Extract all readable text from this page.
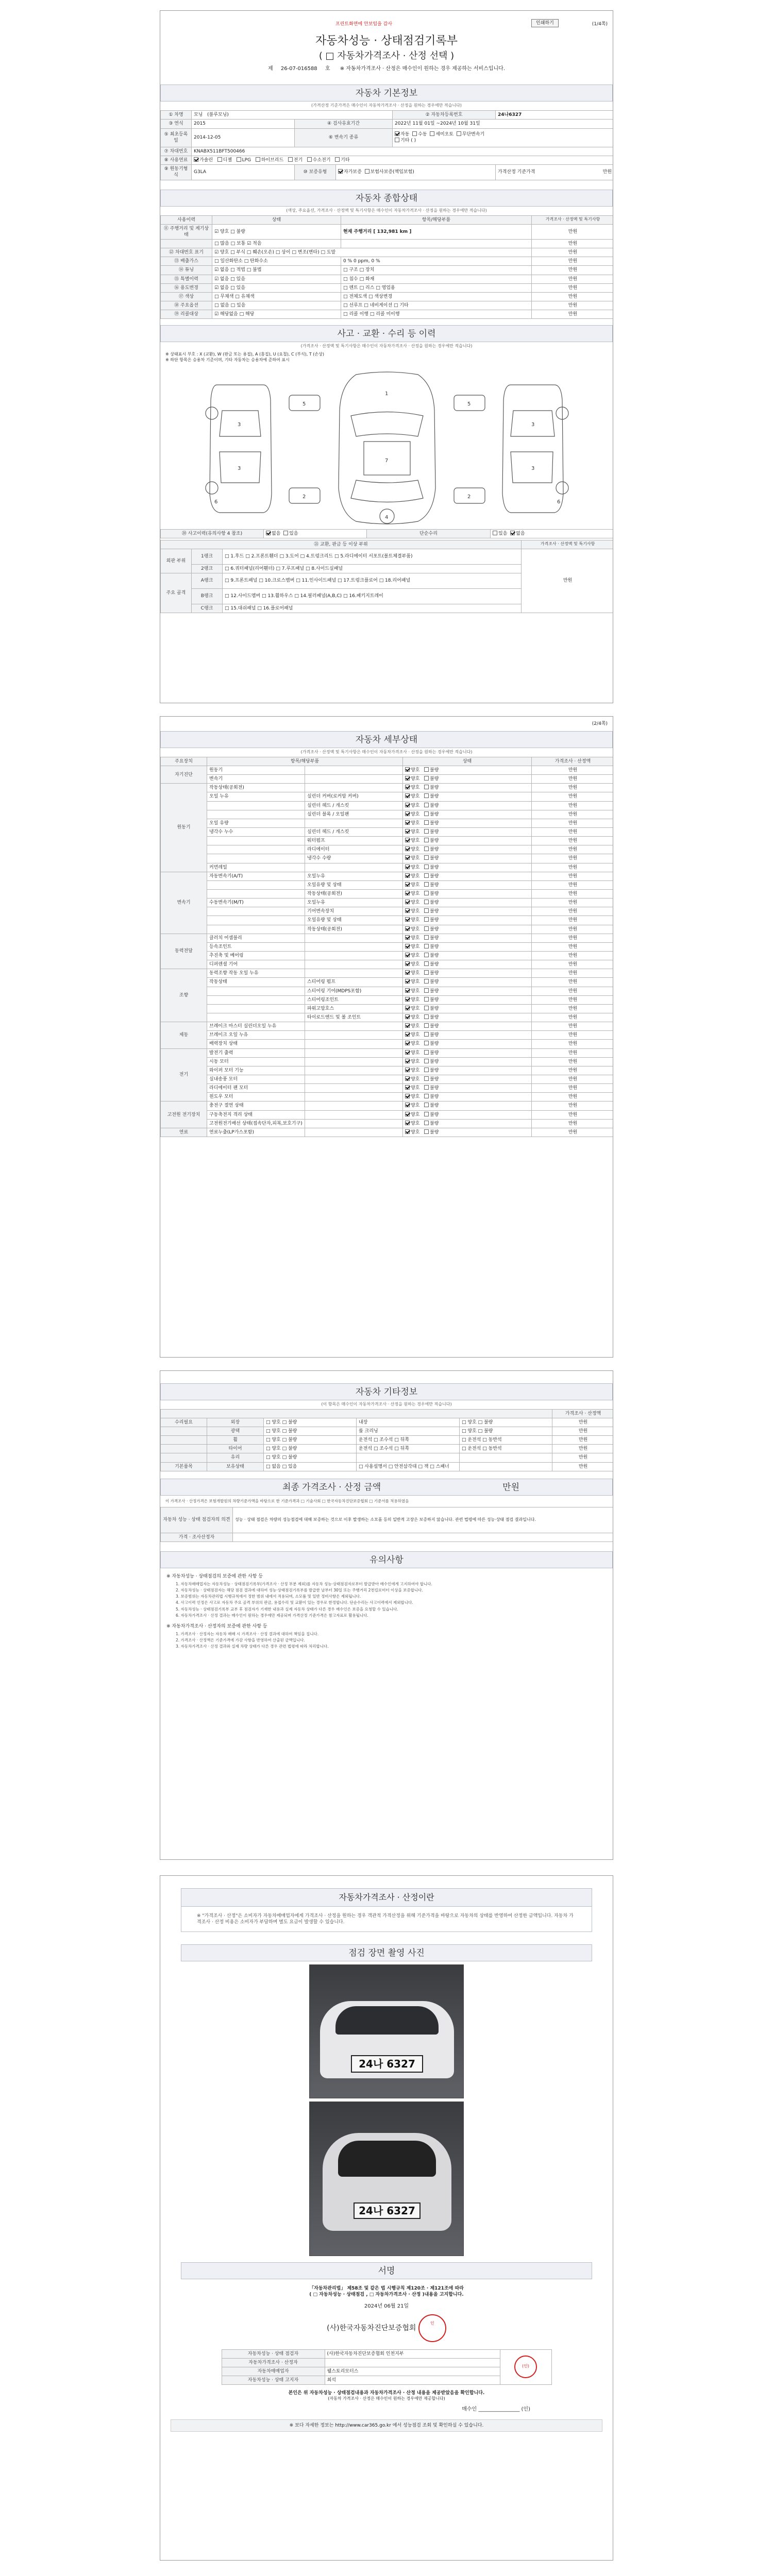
프린트화면에 안보임을 감사	인쇄하기	(1/4쪽)
자동차성능 · 상태점검기록부
( □ 자동차가격조사 · 산정 선택 )
제 26-07-016588 호 ※ 자동차가격조사 · 산정은 매수인이 원하는 경우 제공하는 서비스입니다.
자동차 기본정보
(가격산정 기준가격은 매수인이 자동차가격조사 · 산정을 원하는 경우에만 적습니다)
① 차명	모닝 (블루모닝)			② 자동차등록번호	24나6327
③ 연식	2015	④ 검사유효기간		2022년 11월 01일 ~2024년 10월 31일	
⑤ 최초등록일	2014-12-05	⑥ 변속기 종류		자동 수동 세미오토 무단변속기
기타 ( )	
⑦ 차대번호	KNABX511BFT500466				
⑧ 사용연료	가솔린 디젤 LPG 하이브리드 전기 수소전기 기타				
⑨ 원동기형식	G3LA	⑩ 보증유형	자가보증 보험사보증(책임보험)		가격산정 기준가격 만원
자동차 종합상태
(색상, 주요옵션, 가격조사 · 산정액 및 특기사항은 매수인이 자동차가격조사 · 산정을 원하는 경우에만 적습니다)
사용이력	상태	항목/해당부품	가격조사 · 산정액 및 특기사항
⑪ 주행거리 및 계기상태	☑ 양호 □ 불량	현재 주행거리 [ 132,981 km ]	만원
	□ 많음 □ 보통 ☑ 적음		만원
⑫ 차대번호 표기	☑ 양호 □ 부식 □ 훼손(오손) □ 상이 □ 변조(변타) □ 도말		만원
⑬ 배출가스	□ 일산화탄소 □ 탄화수소	0 % 0 ppm, 0 %	만원
⑭ 튜닝	☑ 없음 □ 적법 □ 불법	□ 구조 □ 장치	만원
⑮ 특별이력	☑ 없음 □ 있음	□ 침수 □ 화재	만원
⑯ 용도변경	☑ 없음 □ 있음	□ 렌트 □ 리스 □ 영업용	만원
⑰ 색상	□ 무채색 □ 유채색	□ 전체도색 □ 색상변경	만원
⑱ 주요옵션	□ 없음 □ 있음	□ 선루프 □ 네비게이션 □ 기타	만원
⑲ 리콜대상	☑ 해당없음 □ 해당	□ 리콜 이행 □ 리콜 미이행	만원
사고 · 교환 · 수리 등 이력
(가격조사 · 산정액 및 특기사항은 매수인이 자동차가격조사 · 산정을 원하는 경우에만 적습니다)
※ 상태표시 부호 : X (교환), W (판금 또는 용접), A (흠집), U (요철), C (부식), T (손상)
※ 하단 항목은 승용차 기준이며, 기타 자동차는 승용차에 준하여 표시
3
3
6
1
7
4
3
3
6
5	5
2	2
⑳ 사고이력(유의사항 4 참조)	없음 있음	단순수리	있음 없음
㉑ 교환, 판금 등 이상 부위			가격조사 · 산정액 및 특기사항
외판 부위	1랭크	□ 1.후드 □ 2.프론트휀더 □ 3.도어 □ 4.트렁크리드 □ 5.라디에이터 서포트(볼트체결부품)	만원
	2랭크	□ 6.쿼터패널(리어휀더) □ 7.루프패널 □ 8.사이드실패널	
주요 골격	A랭크	□ 9.프론트패널 □ 10.크로스멤버 □ 11.인사이드패널 □ 17.트렁크플로어 □ 18.리어패널	
	B랭크	□ 12.사이드멤버 □ 13.휠하우스 □ 14.필러패널(A,B,C) □ 16.패키지트레이	
	C랭크	□ 15.대쉬패널 □ 16.플로어패널	
(2/4쪽)
자동차 세부상태
(가격조사 · 산정액 및 특기사항은 매수인이 자동차가격조사 · 산정을 원하는 경우에만 적습니다)
주요장치	항목/해당부품		상태	가격조사 · 산정액
자기진단	원동기		양호 불량	만원
	변속기		양호 불량	만원
원동기	작동상태(공회전)		양호 불량	만원
	오일 누유	실린더 커버(로커암 커버)	양호 불량	만원
		실린더 헤드 / 개스킷	양호 불량	만원
		실린더 블록 / 오일팬	양호 불량	만원
	오일 유량		양호 불량	만원
	냉각수 누수	실린더 헤드 / 개스킷	양호 불량	만원
		워터펌프	양호 불량	만원
		라디에이터	양호 불량	만원
		냉각수 수량	양호 불량	만원
	커먼레일		양호 불량	만원
변속기	자동변속기(A/T)	오일누유	양호 불량	만원
		오일유량 및 상태	양호 불량	만원
		작동상태(공회전)	양호 불량	만원
	수동변속기(M/T)	오일누유	양호 불량	만원
		기어변속장치	양호 불량	만원
		오일유량 및 상태	양호 불량	만원
		작동상태(공회전)	양호 불량	만원
동력전달	클러치 어셈블리		양호 불량	만원
	등속조인트		양호 불량	만원
	추진축 및 베어링		양호 불량	만원
	디퍼렌셜 기어		양호 불량	만원
조향	동력조향 작동 오일 누유		양호 불량	만원
	작동상태	스티어링 펌프	양호 불량	만원
		스티어링 기어(MDPS포함)	양호 불량	만원
		스티어링조인트	양호 불량	만원
		파워고압호스	양호 불량	만원
		타이로드엔드 및 볼 조인트	양호 불량	만원
제동	브레이크 마스터 실린더오일 누유		양호 불량	만원
	브레이크 오일 누유		양호 불량	만원
	배력장치 상태		양호 불량	만원
전기	발전기 출력		양호 불량	만원
	시동 모터		양호 불량	만원
	와이퍼 모터 기능		양호 불량	만원
	실내송풍 모터		양호 불량	만원
	라디에이터 팬 모터		양호 불량	만원
	윈도우 모터		양호 불량	만원
고전원 전기장치	충전구 절연 상태		양호 불량	만원
	구동축전지 격리 상태		양호 불량	만원
	고전원전기배선 상태(접속단자,피복,보호기구)		양호 불량	만원
연료	연료누출(LP가스포함)		양호 불량	만원
자동차 기타정보
(이 항목은 매수인이 자동차가격조사 · 산정을 원하는 경우에만 적습니다)
					가격조사 · 산정액
수리필요	외장	□ 양호 □ 불량	내장	□ 양호 □ 불량	만원
	광택	□ 양호 □ 불량	룸 크리닝	□ 양호 □ 불량	만원
	휠	□ 양호 □ 불량	운전석 □ 조수석 □ 뒤쪽	□ 운전석 □ 동반석	만원
	타이어	□ 양호 □ 불량	운전석 □ 조수석 □ 뒤쪽	□ 운전석 □ 동반석	만원
	유리	□ 양호 □ 불량			만원
기본품목	보유상태	□ 없음 □ 있음	□ 사용설명서 □ 안전삼각대 □ 잭 □ 스패너		만원
최종 가격조사 · 산정 금액	만원
이 가격조사 · 산정가격은 보험개발원의 차량기준가액을 바탕으로 한 기준가격과 □ 기술사회 □ 한국자동차진단보증협회 □ 기준서를 적용하였음
자동차 성능 · 상태 점검자의 의견	성능 · 상태 점검은 차량의 성능점검에 대해 보증하는 것으로 이후 발생하는 소모품 등의 일반적 고장은 보증하지 않습니다. 관련 법령에 따른 성능·상태 점검 결과입니다.
가격 · 조사산정자	
유의사항
※ 자동차성능 · 상태점검의 보증에 관한 사항 등
1. 자동차매매업자는 자동차성능 · 상태점검기록부(가격조사 · 산정 부분 제외)를 자동차 성능·상태점검자로부터 발급받아 매수인에게 고지하여야 합니다.
2. 자동차성능 · 상태점검자는 해당 점검 결과에 대하여 성능·상태점검기록부를 발급한 날부터 30일 또는 주행거리 2천킬로미터 이상을 보증합니다.
3. 보증범위는 자동차관리법 시행규칙에서 정한 범위 내에서 적용되며, 소모품 및 일반 정비사항은 제외됩니다.
4. 사고이력 인정은 사고로 자동차 주요 골격 부위의 판금, 용접수리 및 교환이 있는 경우로 한정합니다. 단순수리는 사고이력에서 제외합니다.
5. 자동차성능 · 상태점검기록부 교부 후 점검자가 기재한 내용과 실제 자동차 상태가 다른 경우 매수인은 보증을 요청할 수 있습니다.
6. 자동차가격조사 · 산정 결과는 매수인이 원하는 경우에만 제공되며 가격산정 기준가격은 참고자료로 활용됩니다.
※ 자동차가격조사 · 산정자의 보증에 관한 사항 등
1. 가격조사 · 산정자는 자동차 매매 시 가격조사 · 산정 결과에 대하여 책임을 집니다.
2. 가격조사 · 산정액은 기준가격에 가감 사항을 반영하여 산출된 금액입니다.
3. 자동차가격조사 · 산정 결과와 실제 차량 상태가 다른 경우 관련 법령에 따라 처리합니다.
자동차가격조사 · 산정이란
※ "가격조사 · 산정"은 소비자가 자동차매매업자에게 가격조사 · 산정을 원하는 경우 객관적 가격산정을 위해 기준가격을 바탕으로 자동차의 상태를 반영하여 산정한 금액입니다. 자동차 가격조사 · 산정 비용은 소비자가 부담하며 별도 요금이 발생할 수 있습니다.
점검 장면 촬영 사진
24나 6327
24나 6327
서명
「자동차관리법」 제58조 및 같은 법 시행규칙 제120조 · 제121조에 따라
( □ 자동차성능 · 상태점검 , □ 자동차가격조사 · 산정 )내용을 고지합니다.
2024년 06월 21일
(사)한국자동차진단보증협회 인
자동차성능 · 상태 점검자	(사)한국자동차진단보증협회 인천지부	(인)
자동차가격조사 · 산정자		
자동차매매업자	웰스토리모터스	
자동차성능 · 상태 고지자	최석	
본인은 위 자동차성능 · 상태점검내용과 자동차가격조사 · 산정 내용을 제공받았음을 확인합니다.
(자동차 가격조사 · 산정은 매수인이 원하는 경우에만 제공합니다)
매수인 ________________ (인)
※ 보다 자세한 정보는 http://www.car365.go.kr 에서 성능점검 조회 및 확인하실 수 있습니다.
